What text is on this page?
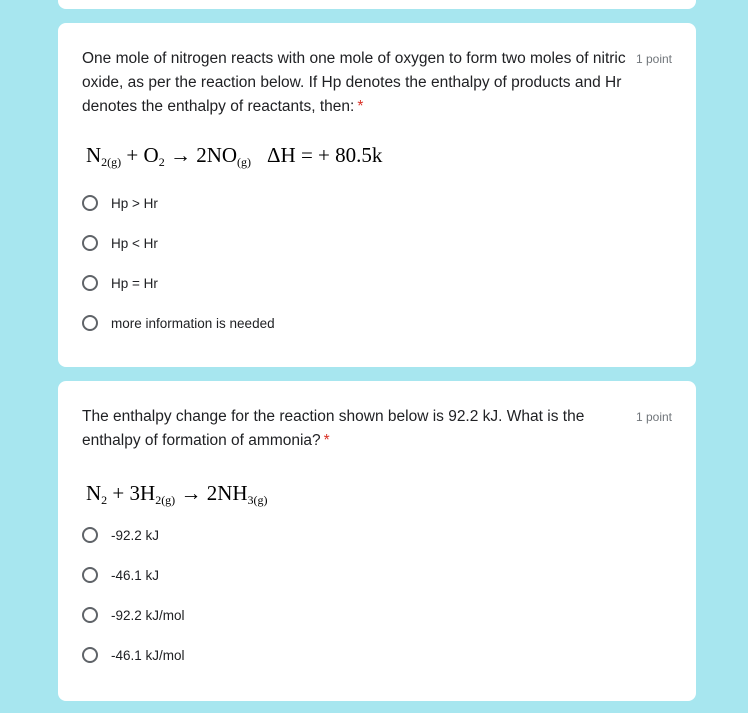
One mole of nitrogen reacts with one mole of oxygen to form two moles of nitric oxide, as per the reaction below. If Hp denotes the enthalpy of products and Hr denotes the enthalpy of reactants, then: *
1 point
$N_{2(g)} + O_2 \to 2NO_{(g)}$ ΔH = + 80.5k
Hp > Hr
Hp < Hr
Hp = Hr
more information is needed
The enthalpy change for the reaction shown below is 92.2 kJ. What is the enthalpy of formation of ammonia? *
1 point
$N_2 + 3H_{2(g)} \to 2NH_{3(g)}$
-92.2 kJ
-46.1 kJ
-92.2 kJ/mol
-46.1 kJ/mol
